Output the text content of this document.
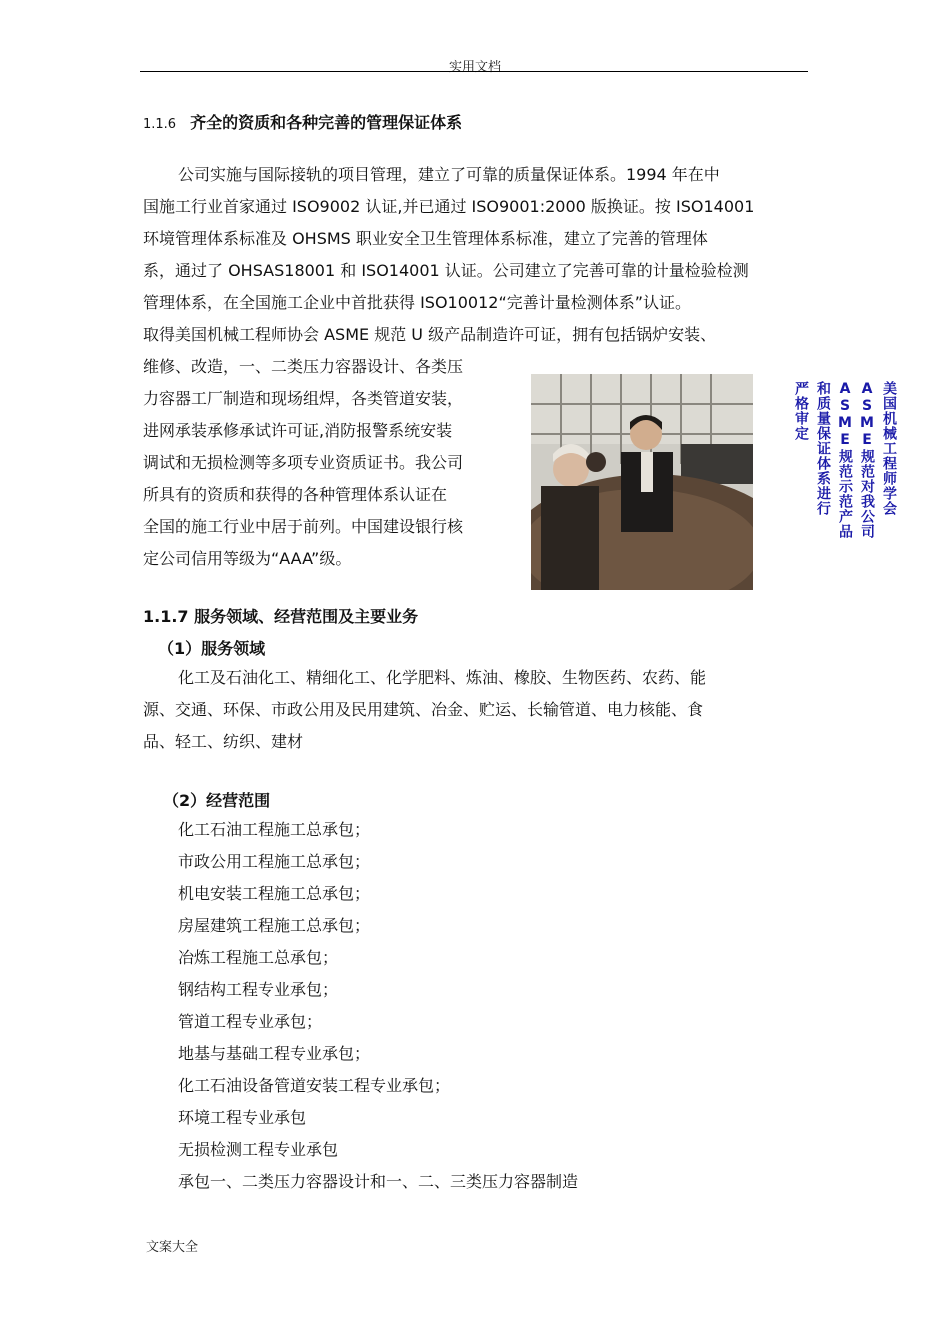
实用文档
1.1.6 齐全的资质和各种完善的管理保证体系
公司实施与国际接轨的项目管理，建立了可靠的质量保证体系。1994 年在中
国施工行业首家通过 ISO9002 认证,并已通过 ISO9001:2000 版换证。按 ISO14001
环境管理体系标准及 OHSMS 职业安全卫生管理体系标准，建立了完善的管理体
系，通过了 OHSAS18001 和 ISO14001 认证。公司建立了完善可靠的计量检验检测
管理体系，在全国施工企业中首批获得 ISO10012“完善计量检测体系”认证。
取得美国机械工程师协会 ASME 规范 U 级产品制造许可证，拥有包括锅炉安装、
维修、改造，一、二类压力容器设计、各类压
力容器工厂制造和现场组焊，各类管道安装，
进网承装承修承试许可证,消防报警系统安装
调试和无损检测等多项专业资质证书。我公司
所具有的资质和获得的各种管理体系认证在
全国的施工行业中居于前列。中国建设银行核
定公司信用等级为“AAA”级。
美国机械工程师学会
ASME规范对我公司
ASME规范示范产品
和质量保证体系进行
严格审定
1.1.7 服务领域、经营范围及主要业务
（1）服务领域
化工及石油化工、精细化工、化学肥料、炼油、橡胶、生物医药、农药、能
源、交通、环保、市政公用及民用建筑、冶金、贮运、长输管道、电力核能、食
品、轻工、纺织、建材
（2）经营范围
化工石油工程施工总承包；
市政公用工程施工总承包；
机电安装工程施工总承包；
房屋建筑工程施工总承包；
冶炼工程施工总承包；
钢结构工程专业承包；
管道工程专业承包；
地基与基础工程专业承包；
化工石油设备管道安装工程专业承包；
环境工程专业承包
无损检测工程专业承包
承包一、二类压力容器设计和一、二、三类压力容器制造
文案大全
